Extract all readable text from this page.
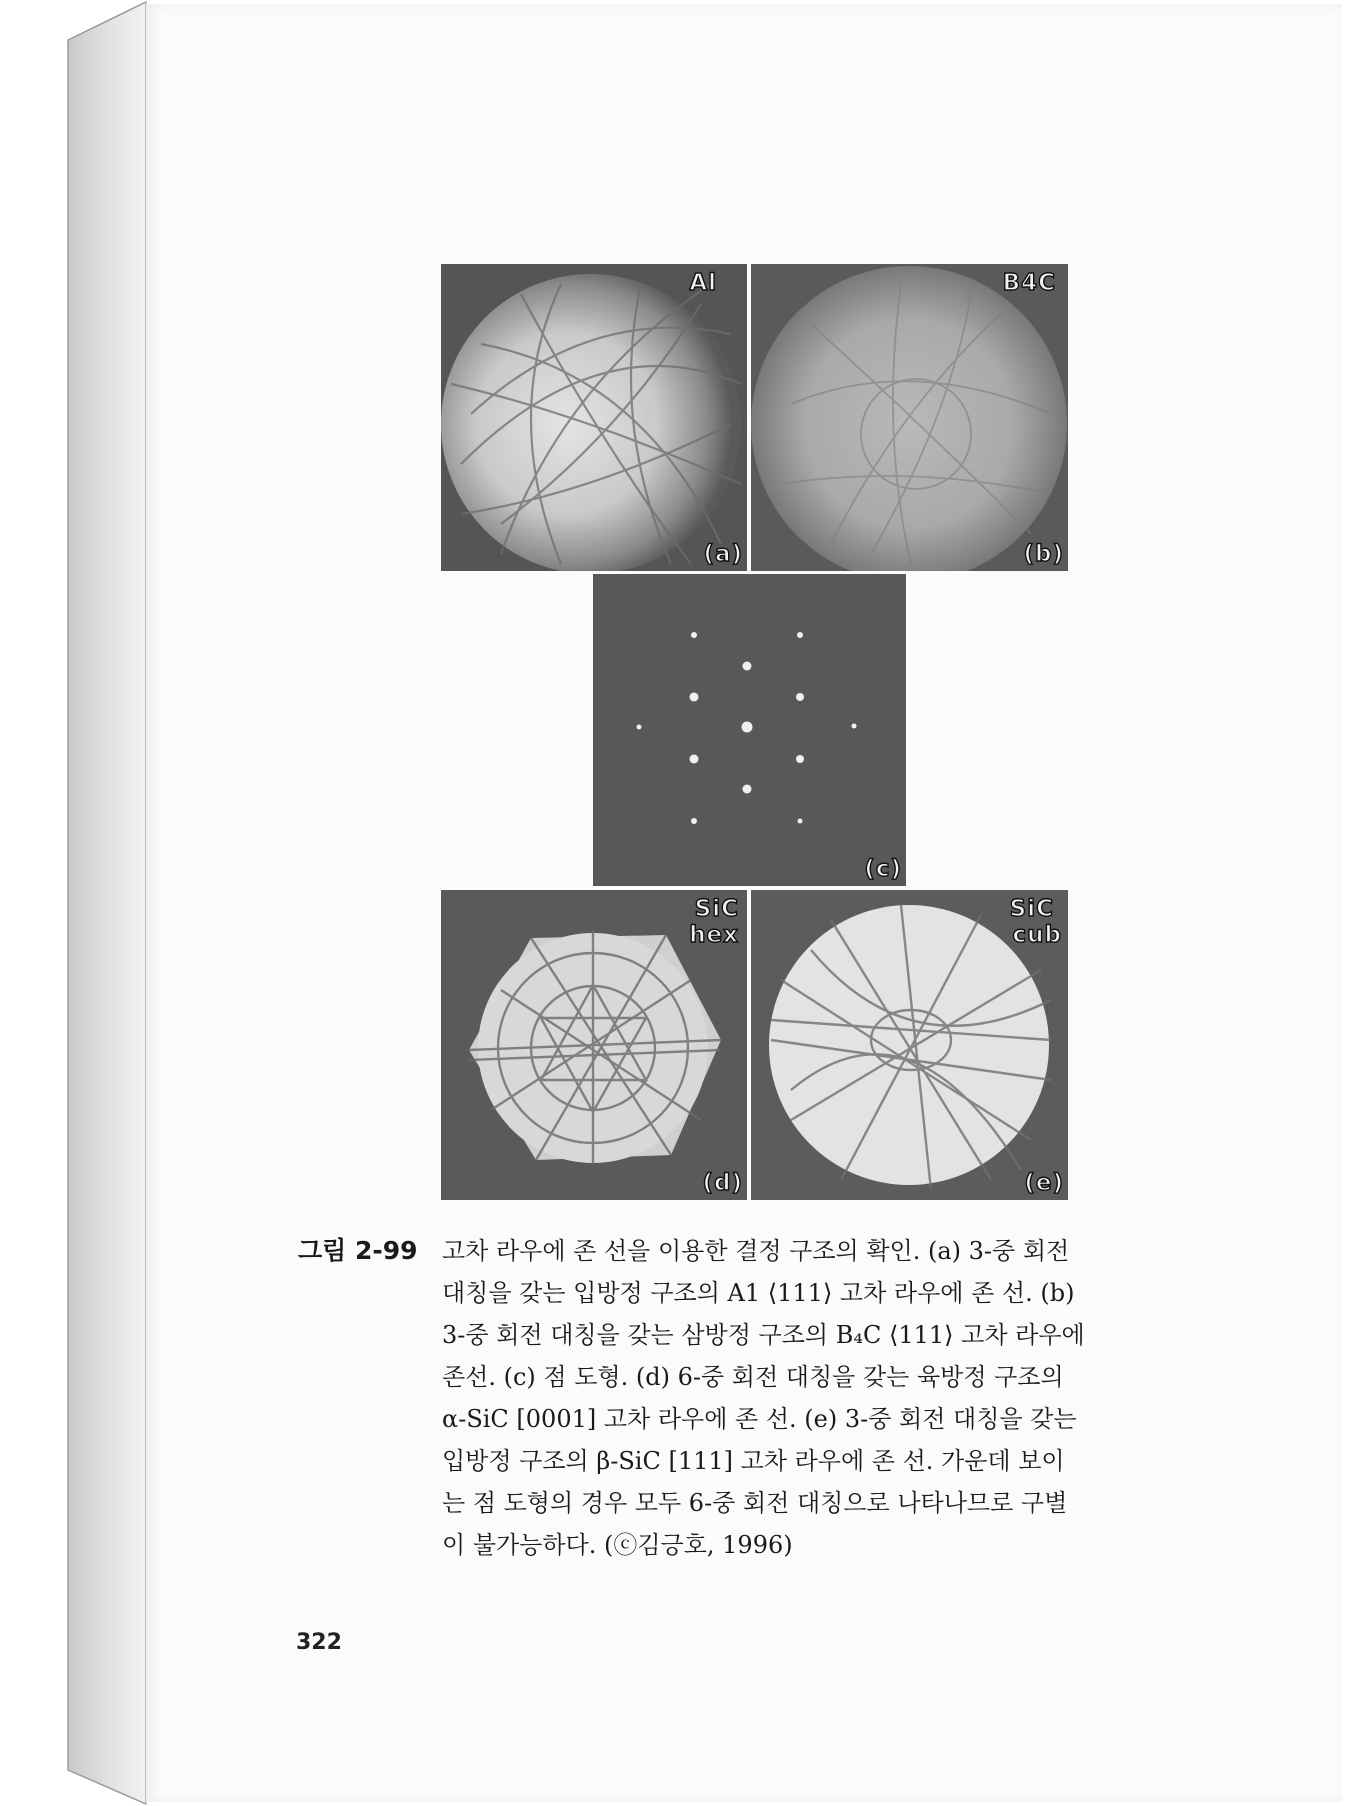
Al
(a)
B4C
(b)
(c)
SiC
hex
(d)
SiC
cub
(e)
그림 2-99 고차 라우에 존 선을 이용한 결정 구조의 확인. (a) 3-중 회전
대칭을 갖는 입방정 구조의 A1 ⟨111⟩ 고차 라우에 존 선. (b)
3-중 회전 대칭을 갖는 삼방정 구조의 B₄C ⟨111⟩ 고차 라우에
존선. (c) 점 도형. (d) 6-중 회전 대칭을 갖는 육방정 구조의
α-SiC [0001] 고차 라우에 존 선. (e) 3-중 회전 대칭을 갖는
입방정 구조의 β-SiC [111] 고차 라우에 존 선. 가운데 보이
는 점 도형의 경우 모두 6-중 회전 대칭으로 나타나므로 구별
이 불가능하다. (ⓒ김긍호, 1996)
322
